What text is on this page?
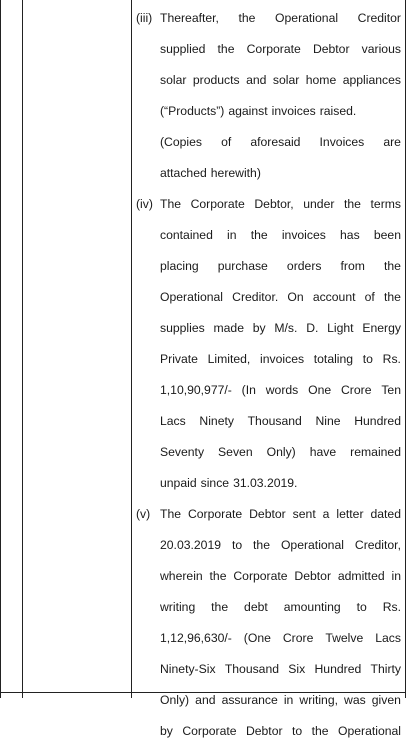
(iii) Thereafter, the Operational Creditor
supplied the Corporate Debtor various
solar products and solar home appliances
(“Products”) against invoices raised.
(Copies of aforesaid Invoices are
attached herewith)
(iv) The Corporate Debtor, under the terms
contained in the invoices has been
placing purchase orders from the
Operational Creditor. On account of the
supplies made by M/s. D. Light Energy
Private Limited, invoices totaling to Rs.
1,10,90,977/- (In words One Crore Ten
Lacs Ninety Thousand Nine Hundred
Seventy Seven Only) have remained
unpaid since 31.03.2019.
(v) The Corporate Debtor sent a letter dated
20.03.2019 to the Operational Creditor,
wherein the Corporate Debtor admitted in
writing the debt amounting to Rs.
1,12,96,630/- (One Crore Twelve Lacs
Ninety-Six Thousand Six Hundred Thirty
Only) and assurance in writing, was given
by Corporate Debtor to the Operational
